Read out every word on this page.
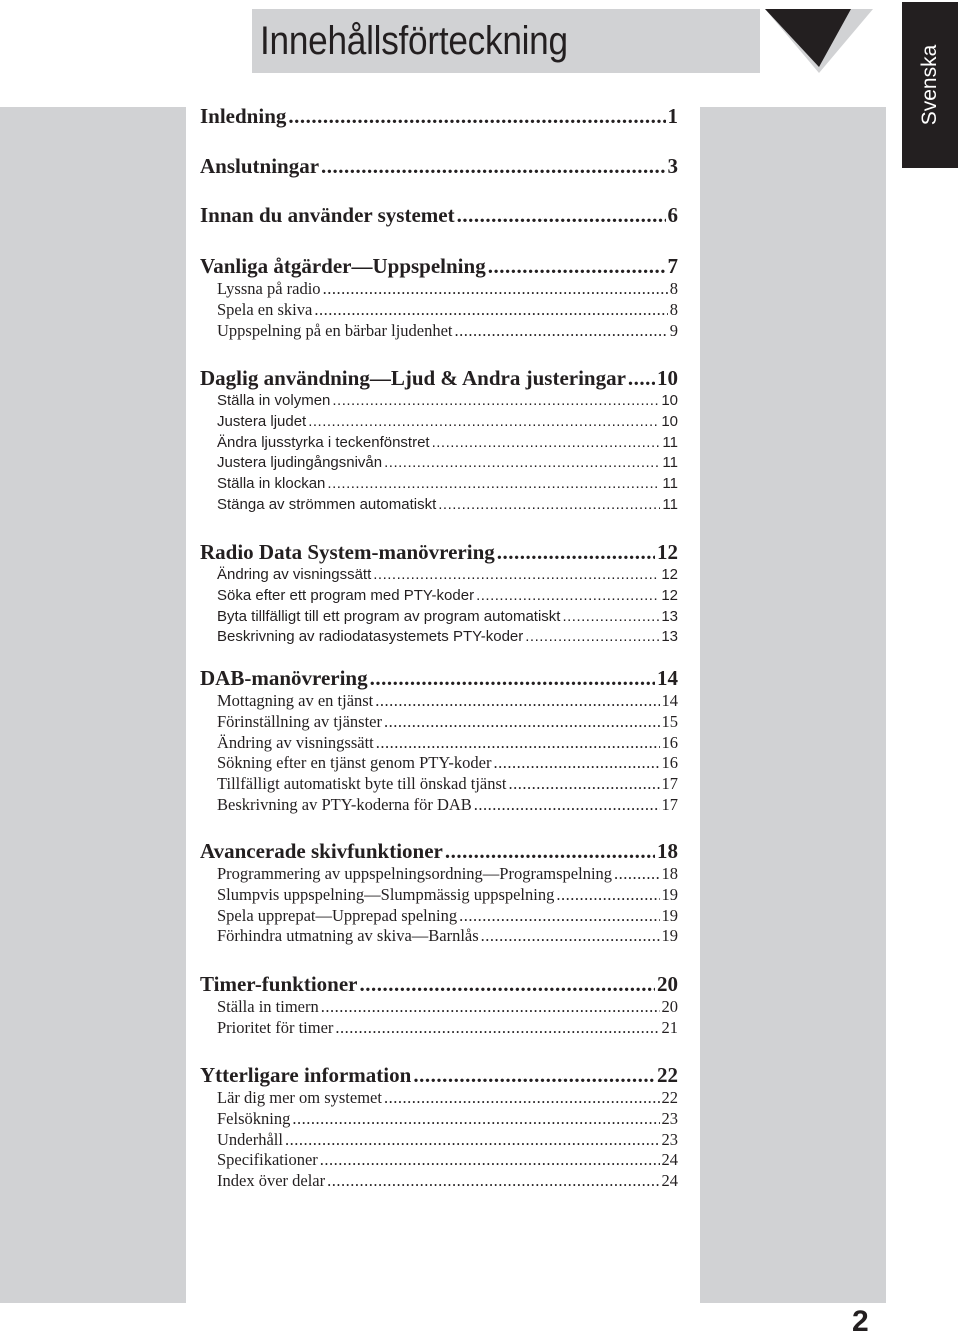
Innehållsförteckning
Svenska
Inledning .....	1
Anslutningar .....	3
Innan du använder systemet .....	6
Vanliga åtgärder—Uppspelning .....	7
Lyssna på radio .....	8
Spela en skiva .....	8
Uppspelning på en bärbar ljudenhet .....	9
Daglig användning—Ljud & Andra justeringar ..... 10
Ställa in volymen .....	10
Justera ljudet .....	10
Ändra ljusstyrka i teckenfönstret .....	11
Justera ljudingångsnivån .....	11
Ställa in klockan .....	11
Stänga av strömmen automatiskt .....	11
Radio Data System-manövrering .....	12
Ändring av visningssätt .....	12
Söka efter ett program med PTY-koder .....	12
Byta tillfälligt till ett program av program automatiskt .....	13
Beskrivning av radiodatasystemets PTY-koder .....	13
DAB-manövrering .....	14
Mottagning av en tjänst .....	14
Förinställning av tjänster .....	15
Ändring av visningssätt .....	16
Sökning efter en tjänst genom PTY-koder .....	16
Tillfälligt automatiskt byte till önskad tjänst .....	17
Beskrivning av PTY-koderna för DAB .....	17
Avancerade skivfunktioner .....	18
Programmering av uppspelningsordning—Programspelning .....	18
Slumpvis uppspelning—Slumpmässig uppspelning .....	19
Spela upprepat—Upprepad spelning .....	19
Förhindra utmatning av skiva—Barnlås .....	19
Timer-funktioner .....	20
Ställa in timern .....	20
Prioritet för timer .....	21
Ytterligare information .....	22
Lär dig mer om systemet .....	22
Felsökning .....	23
Underhåll .....	23
Specifikationer .....	24
Index över delar .....	24
2
